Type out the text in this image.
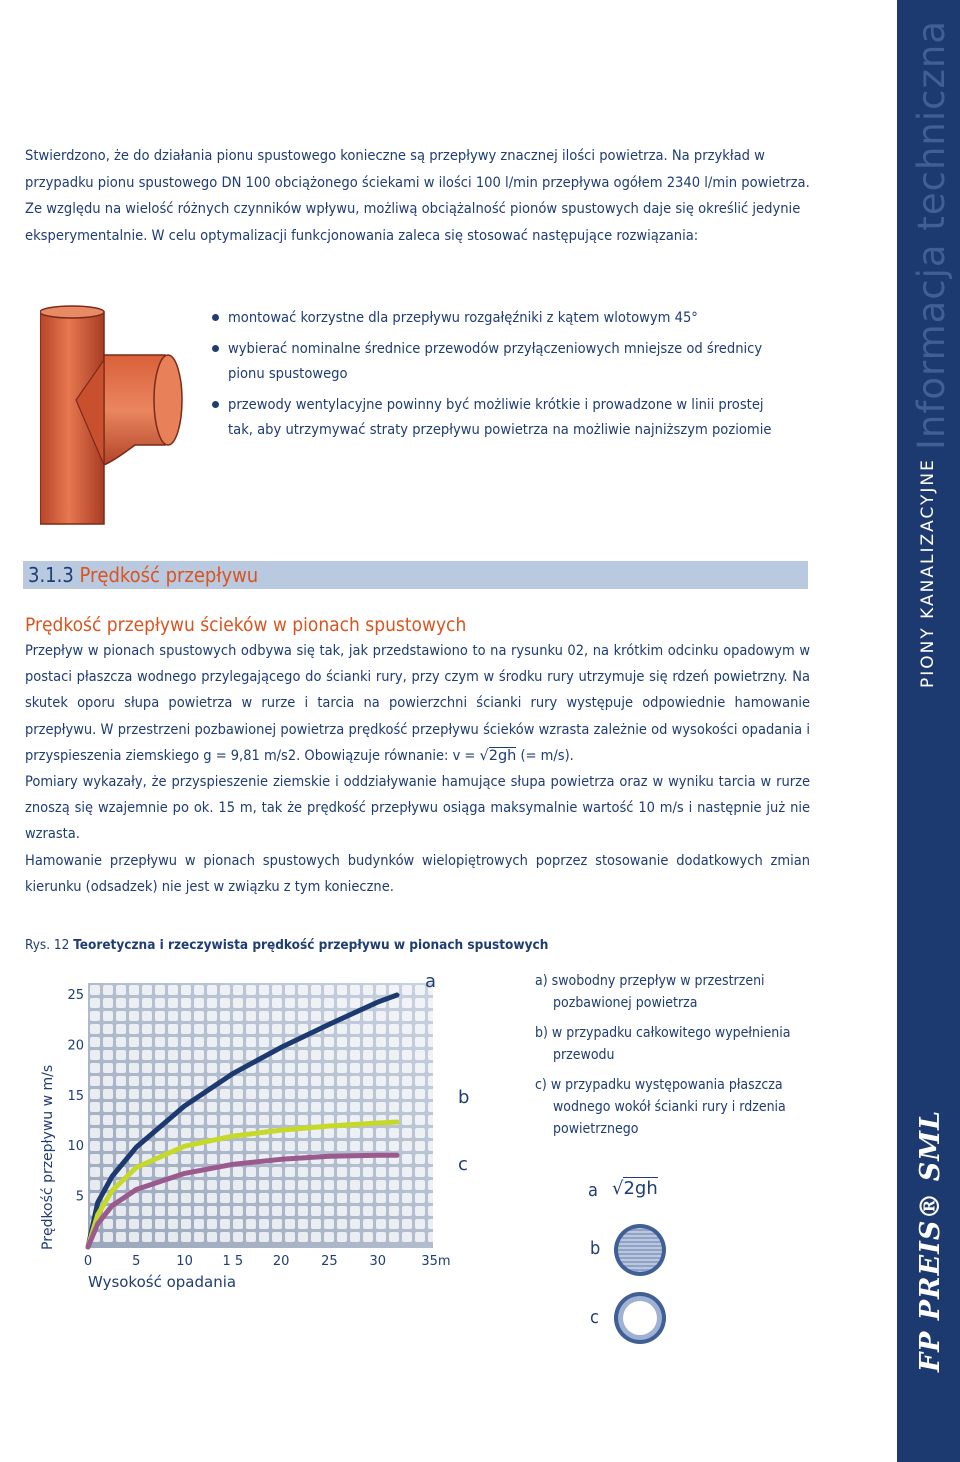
Stwierdzono, że do działania pionu spustowego konieczne są przepływy znacznej ilości powietrza. Na przykład w przypadku pionu spustowego DN 100 obciążonego ściekami w ilości 100 l/min przepływa ogółem 2340 l/min powietrza.

Ze względu na wielość różnych czynników wpływu, możliwą obciążalność pionów spustowych daje się określić jedynie eksperymentalnie. W celu optymalizacji funkcjonowania zaleca się stosować następujące rozwiązania:

montować korzystne dla przepływu rozgałęźniki z kątem wlotowym 45°
wybierać nominalne średnice przewodów przyłączeniowych mniejsze od średnicy pionu spustowego
przewody wentylacyjne powinny być możliwie krótkie i prowadzone w linii prostej tak, aby utrzymywać straty przepływu powietrza na możliwie najniższym poziomie
3.1.3 Prędkość przepływu
Prędkość przepływu ścieków w pionach spustowych

Przepływ w pionach spustowych odbywa się tak, jak przedstawiono to na rysunku 02, na krótkim odcinku opadowym w postaci płaszcza wodnego przylegającego do ścianki rury, przy czym w środku rury utrzymuje się rdzeń powietrzny. Na skutek oporu słupa powietrza w rurze i tarcia na powierzchni ścianki rury występuje odpowiednie hamowanie przepływu. W przestrzeni pozbawionej powietrza prędkość przepływu ścieków wzrasta zależnie od wysokości opadania i przyspieszenia ziemskiego g = 9,81 m/s2. Obowiązuje równanie: v = √2gh (= m/s).

Pomiary wykazały, że przyspieszenie ziemskie i oddziaływanie hamujące słupa powietrza oraz w wyniku tarcia w rurze znoszą się wzajemnie po ok. 15 m, tak że prędkość przepływu osiąga maksymalnie wartość 10 m/s i następnie już nie wzrasta.

Hamowanie przepływu w pionach spustowych budynków wielopiętrowych poprzez stosowanie dodatkowych zmian kierunku (odsadzek) nie jest w związku z tym konieczne.

Rys. 12 Teoretyczna i rzeczywista prędkość przepływu w pionach spustowych
5
10
15
20
25
0	5	10 1 5 20 25 30	35m
Prędkość przepływu w m/s
Wysokość opadania
a
b
c
a) swobodny przepływ w przestrzeni pozbawionej powietrza
b) w przypadku całkowitego wypełnienia przewodu
c) w przypadku występowania płaszcza wodnego wokół ścianki rury i rdzenia powietrznego
a √2gh
b
c
Informacja techniczna
PIONY KANALIZACYJNE
FP PREIS® SML
11
